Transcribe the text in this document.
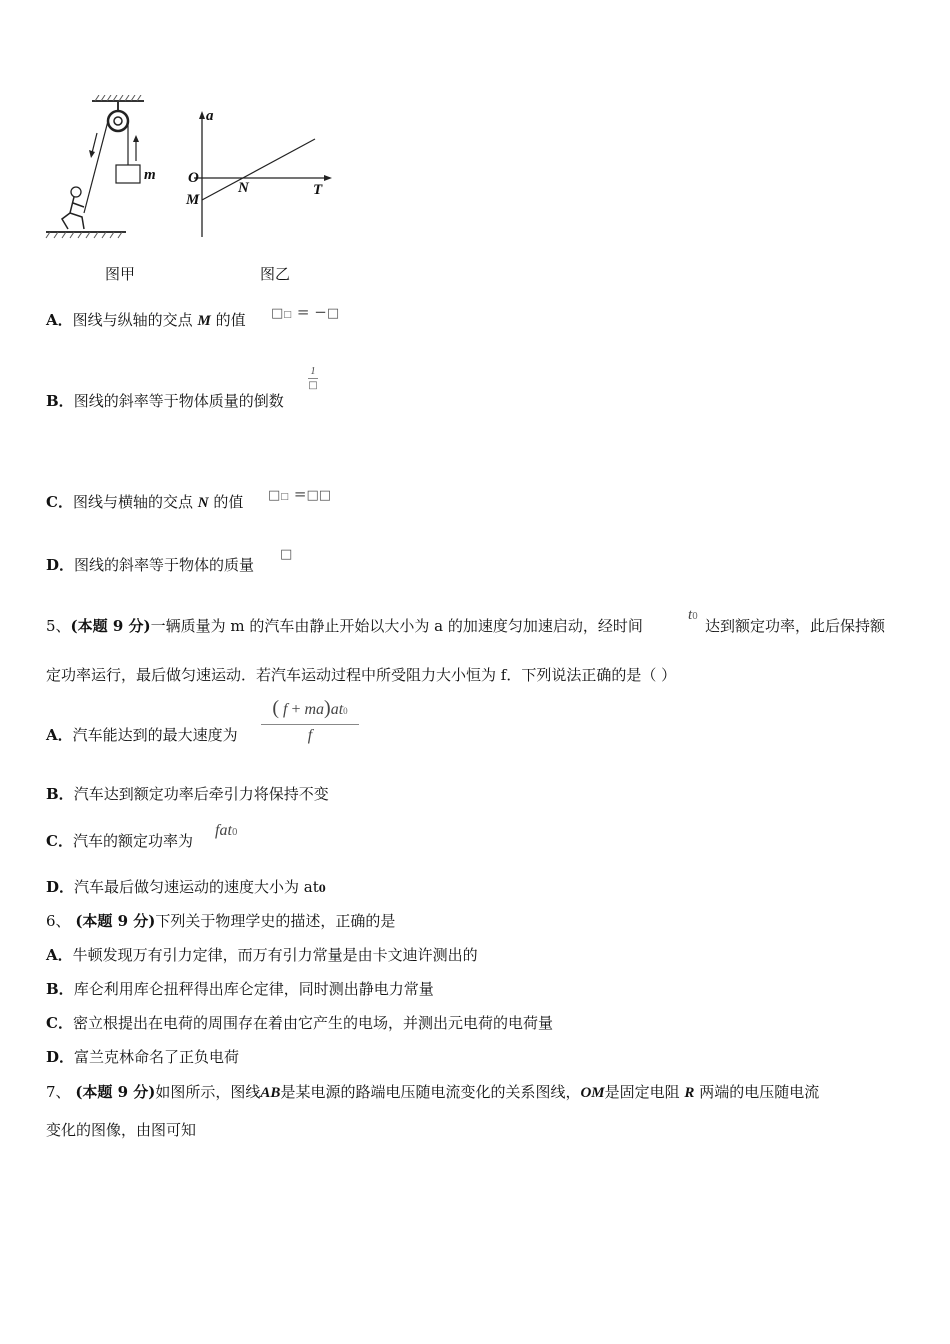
m
a
T
O
M
N
图甲	图乙
A．图线与纵轴的交点 M 的值 □□ = −□
B．图线的斜率等于物体质量的倒数
1
□
C．图线与横轴的交点 N 的值 □□ =□□
D．图线的斜率等于物体的质量
□
5、(本题 9 分)一辆质量为 m 的汽车由静止开始以大小为 a 的加速度匀加速启动，经时间
t0 达到额定功率，此后保持额
定功率运行，最后做匀速运动．若汽车运动过程中所受阻力大小恒为 f．下列说法正确的是（ ）
A．汽车能达到的最大速度为
( f + ma)at0
f
B．汽车达到额定功率后牵引力将保持不变
C．汽车的额定功率为
fat0
D．汽车最后做匀速运动的速度大小为 at0
6、 (本题 9 分)下列关于物理学史的描述，正确的是
A．牛顿发现万有引力定律，而万有引力常量是由卡文迪许测出的
B．库仑利用库仑扭秤得出库仑定律，同时测出静电力常量
C．密立根提出在电荷的周围存在着由它产生的电场，并测出元电荷的电荷量
D．富兰克林命名了正负电荷
7、 (本题 9 分)如图所示，图线AB是某电源的路端电压随电流变化的关系图线，OM是固定电阻 R 两端的电压随电流
变化的图像，由图可知
